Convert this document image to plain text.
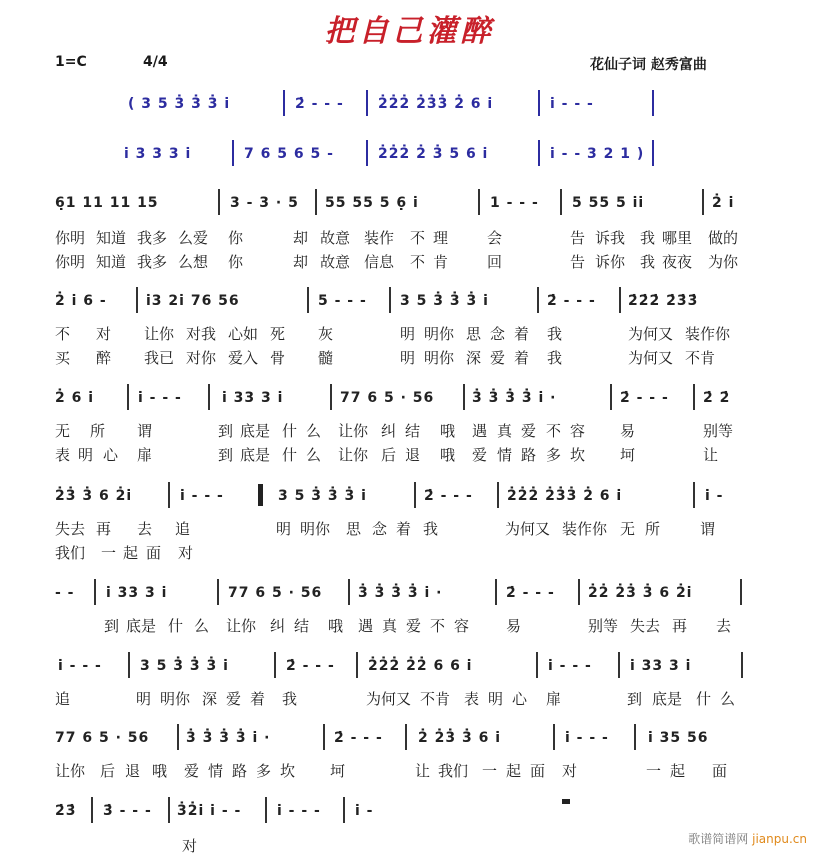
把自己灌醉
1=C	4/4	花仙子词 赵秀富曲
( 3 5 3̇ 3̇ 3̇ i̇	2̇ - - - 2̇2̇2̇ 2̇3̇3̇ 2̇ 6 i̇	i̇ - - -
i̇ 3 3 3 i̇	7 6 5 6 5 -	2̇2̇2̇ 2̇ 3̇ 5 6 i̇	i̇ - - 3 2 1 )
6̣1 11 11 15	3 - 3 · 5 55 55 5 6̣ i̇	1 - - - 5 55 5 i̇i̇	2̇ i̇
你明 知道 我多 么爱 你	却 故意 装作 不 理	会	告 诉我 我 哪里 做的
你明 知道 我多 么想 你	却 故意 信息 不 肯	回	告 诉你 我 夜夜 为你
2̇ i̇ 6 -	i̇3 2i̇ 76 56	5 - - - 3 5 3̇ 3̇ 3̇ i̇	2̇ - - - 2̇2̇2̇ 2̇3̇3̇
不 对 让你 对我 心如 死 灰	明 明你 思 念 着 我	为何又 装作你
买 醉 我已 对你 爱入 骨 髓	明 明你 深 爱 着 我	为何又 不肯
2̇ 6 i̇	i̇ - - -	i̇ 33 3 i̇	77 6 5 · 56	3̇ 3̇ 3̇ 3̇ i̇ ·	2̇ - - - 2̇ 2̇
无 所 谓	到 底是 什 么 让你 纠 结 哦 遇 真 爱 不 容 易	别等
表 明 心 扉	到 底是 什 么 让你 后 退 哦 爱 情 路 多 坎 坷	让
2̇3̇ 3̇ 6 2̇i̇	i̇ - - -	3 5 3̇ 3̇ 3̇ i̇	2̇ - - - 2̇2̇2̇ 2̇3̇3̇ 2̇ 6 i̇	i̇ -
失去 再 去 追	明 明你 思 念 着 我	为何又 装作你 无 所	谓
我们 一 起 面 对
- - i̇ 33 3 i̇	77 6 5 · 56	3̇ 3̇ 3̇ 3̇ i̇ ·	2̇ - - - 2̇2̇ 2̇3̇ 3̇ 6 2̇i̇
到 底是 什 么 让你 纠 结 哦 遇 真 爱 不 容 易	别等 失去 再 去
i̇ - - -	3 5 3̇ 3̇ 3̇ i̇	2̇ - - - 2̇2̇2̇ 2̇2̇ 6 6 i̇	i̇ - - -	i̇ 33 3 i̇
追	明 明你 深 爱 着 我	为何又 不肯 表 明 心 扉	到 底是 什 么
77 6 5 · 56	3̇ 3̇ 3̇ 3̇ i̇ ·	2̇ - - -	2̇ 2̇3̇ 3̇ 6 i̇	i̇ - - -	i̇ 35 56
让你 后 退 哦 爱 情 路 多 坎 坷	让 我们 一 起 面 对	一 起 面
2̇3̇ 3̇ - - - 3̇2̇i̇ i̇ - -	i̇ - - - i̇ -
对	歌谱简谱网 jianpu.cn
